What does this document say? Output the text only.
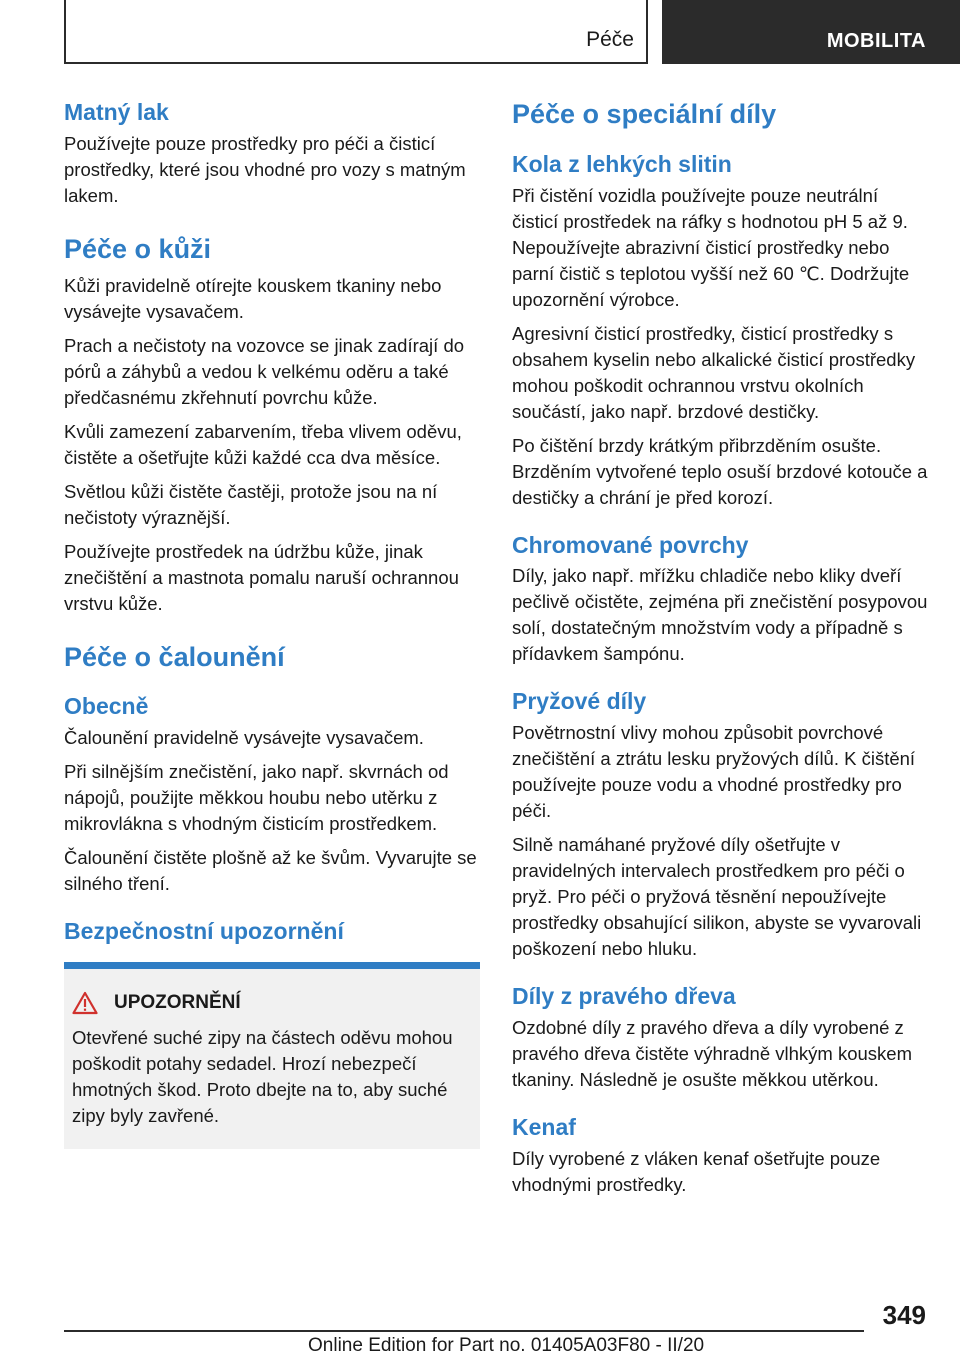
Péče	MOBILITA
Matný lak

Používejte pouze prostředky pro péči a čisticí prostředky, které jsou vhodné pro vozy s matným lakem.

Péče o kůži

Kůži pravidelně otírejte kouskem tkaniny nebo vysávejte vysavačem.

Prach a nečistoty na vozovce se jinak zadírají do pórů a záhybů a vedou k velkému oděru a také předčasnému zkřehnutí povrchu kůže.

Kvůli zamezení zabarvením, třeba vlivem oděvu, čistěte a ošetřujte kůži každé cca dva měsíce.

Světlou kůži čistěte častěji, protože jsou na ní nečistoty výraznější.

Používejte prostředek na údržbu kůže, jinak znečištění a mastnota pomalu naruší ochrannou vrstvu kůže.

Péče o čalounění
Obecně

Čalounění pravidelně vysávejte vysavačem.

Při silnějším znečistění, jako např. skvrnách od nápojů, použijte měkkou houbu nebo utěrku z mikrovlákna s vhodným čisticím prostředkem.

Čalounění čistěte plošně až ke švům. Vyvarujte se silného tření.

Bezpečnostní upozornění
UPOZORNĚNÍ

Otevřené suché zipy na částech oděvu mohou poškodit potahy sedadel. Hrozí nebezpečí hmotných škod. Proto dbejte na to, aby suché zipy byly zavřené.

Péče o speciální díly
Kola z lehkých slitin

Při čistění vozidla používejte pouze neutrální čisticí prostředek na ráfky s hodnotou pH 5 až 9. Nepoužívejte abrazivní čisticí prostředky nebo parní čistič s teplotou vyšší než 60 ℃. Dodržujte upozornění výrobce.

Agresivní čisticí prostředky, čisticí prostředky s obsahem kyselin nebo alkalické čisticí prostředky mohou poškodit ochrannou vrstvu okolních součástí, jako např. brzdové destičky.

Po čištění brzdy krátkým přibrzděním osušte. Brzděním vytvořené teplo osuší brzdové kotouče a destičky a chrání je před korozí.

Chromované povrchy

Díly, jako např. mřížku chladiče nebo kliky dveří pečlivě očistěte, zejména při znečistění posypovou solí, dostatečným množstvím vody a případně s přídavkem šampónu.

Pryžové díly

Povětrnostní vlivy mohou způsobit povrchové znečištění a ztrátu lesku pryžových dílů. K čištění používejte pouze vodu a vhodné prostředky pro péči.

Silně namáhané pryžové díly ošetřujte v pravidelných intervalech prostředkem pro péči o pryž. Pro péči o pryžová těsnění nepoužívejte prostředky obsahující silikon, abyste se vyvarovali poškození nebo hluku.

Díly z pravého dřeva

Ozdobné díly z pravého dřeva a díly vyrobené z pravého dřeva čistěte výhradně vlhkým kouskem tkaniny. Následně je osušte měkkou utěrkou.

Kenaf

Díly vyrobené z vláken kenaf ošetřujte pouze vhodnými prostředky.

349
Online Edition for Part no. 01405A03F80 - II/20
